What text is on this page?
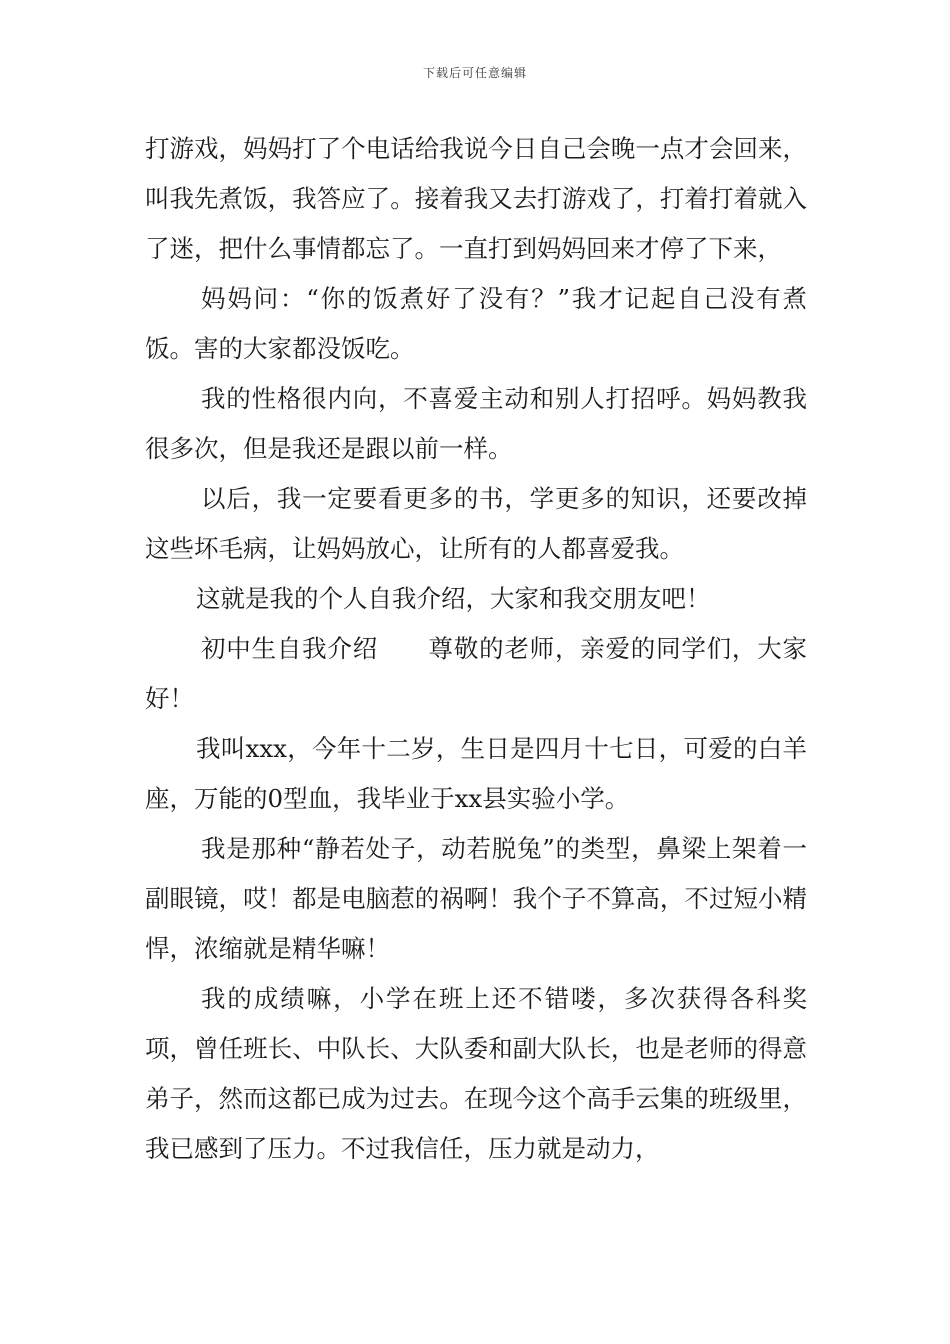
下载后可任意编辑

打游戏，妈妈打了个电话给我说今日自己会晚一点才会回来，叫我先煮饭，我答应了。接着我又去打游戏了，打着打着就入了迷，把什么事情都忘了。一直打到妈妈回来才停了下来，

妈妈问：“你的饭煮好了没有？”我才记起自己没有煮饭。害的大家都没饭吃。

我的性格很内向，不喜爱主动和别人打招呼。妈妈教我很多次，但是我还是跟以前一样。

以后，我一定要看更多的书，学更多的知识，还要改掉这些坏毛病，让妈妈放心，让所有的人都喜爱我。

这就是我的个人自我介绍，大家和我交朋友吧！

初中生自我介绍　　尊敬的老师，亲爱的同学们，大家好！

我叫xxx，今年十二岁，生日是四月十七日，可爱的白羊座，万能的0型血，我毕业于xx县实验小学。

我是那种“静若处子，动若脱兔”的类型，鼻梁上架着一副眼镜，哎！都是电脑惹的祸啊！我个子不算高，不过短小精悍，浓缩就是精华嘛！

我的成绩嘛，小学在班上还不错喽，多次获得各科奖项，曾任班长、中队长、大队委和副大队长，也是老师的得意弟子，然而这都已成为过去。在现今这个高手云集的班级里，我已感到了压力。不过我信任，压力就是动力，
